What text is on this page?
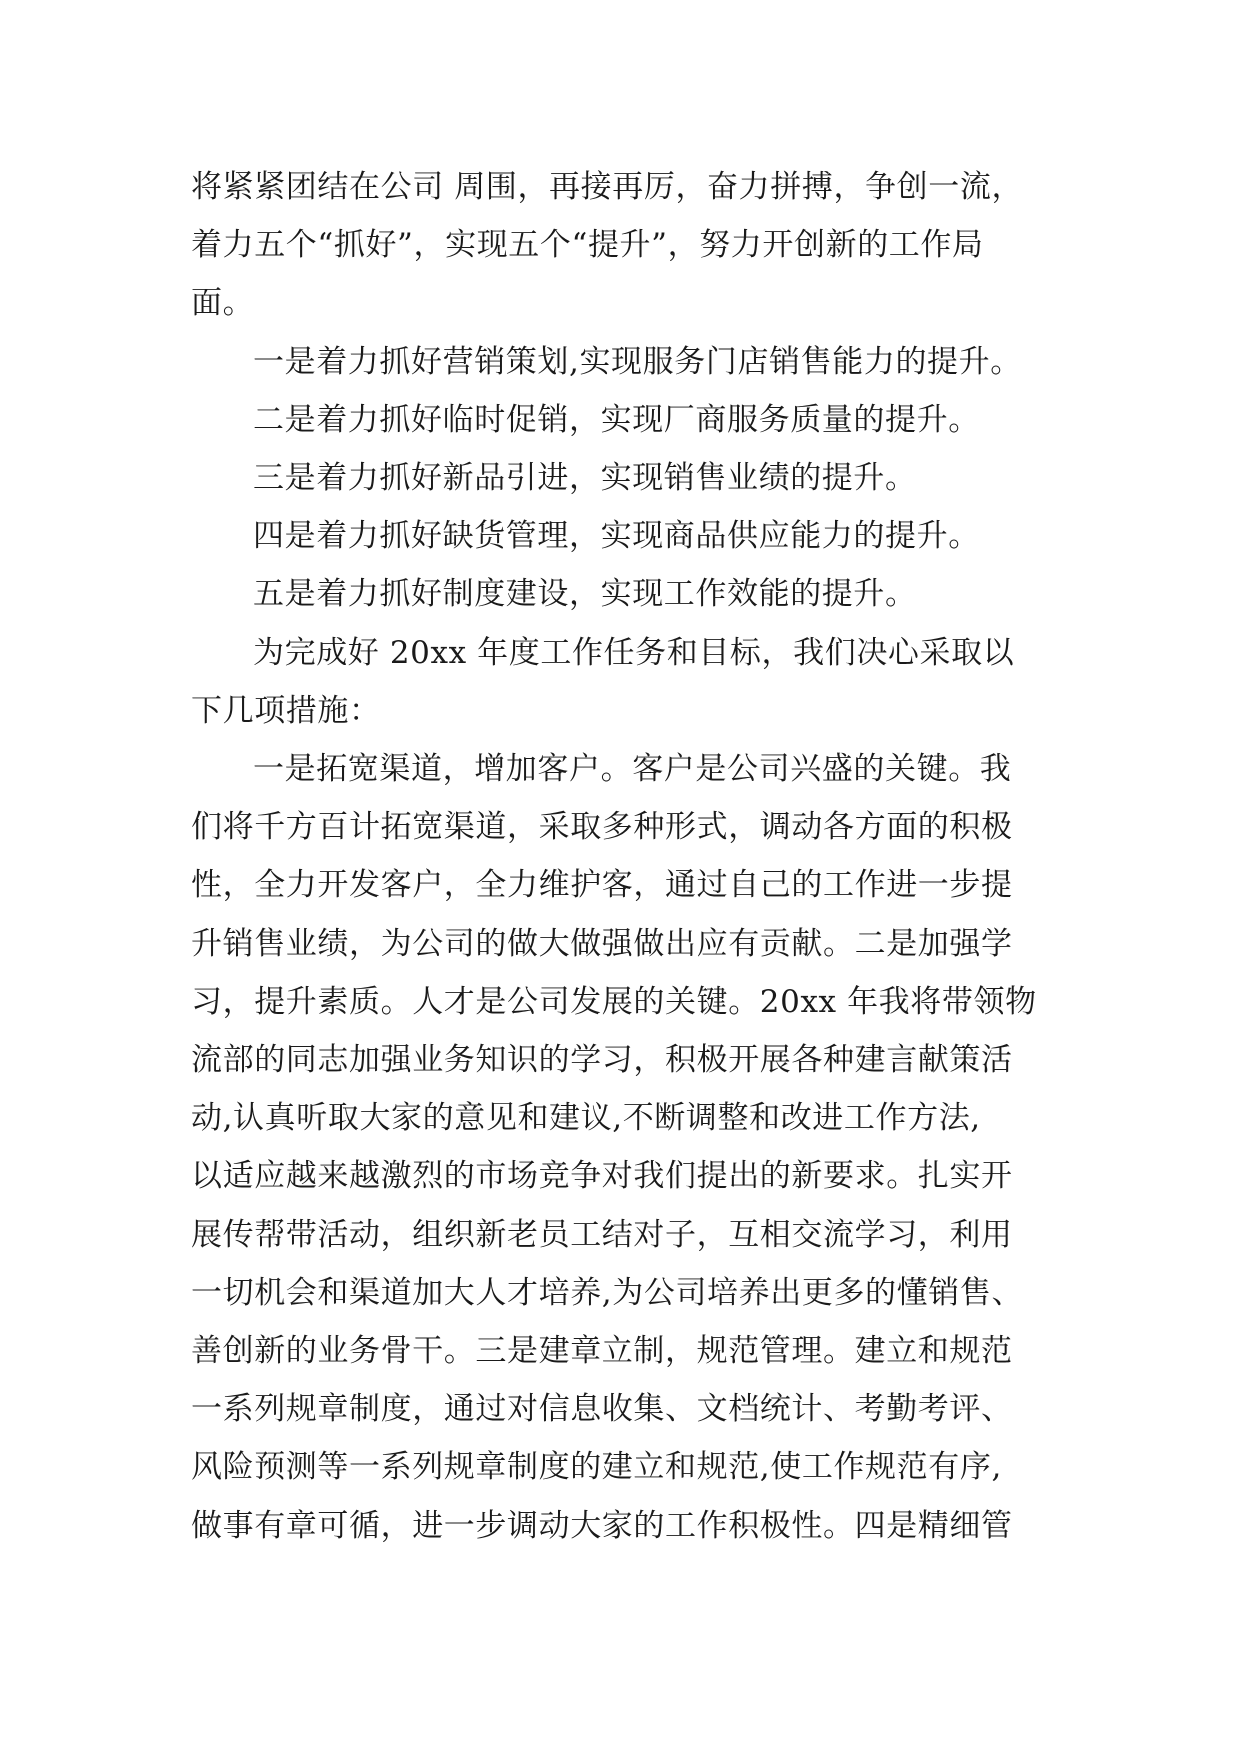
将紧紧团结在公司 周围，再接再厉，奋力拼搏，争创一流，
着力五个“抓好”，实现五个“提升”，努力开创新的工作局
面。

一是着力抓好营销策划,实现服务门店销售能力的提升。

二是着力抓好临时促销，实现厂商服务质量的提升。

三是着力抓好新品引进，实现销售业绩的提升。

四是着力抓好缺货管理，实现商品供应能力的提升。

五是着力抓好制度建设，实现工作效能的提升。

为完成好 20xx 年度工作任务和目标，我们决心采取以
下几项措施：

一是拓宽渠道，增加客户。客户是公司兴盛的关键。我
们将千方百计拓宽渠道，采取多种形式，调动各方面的积极
性，全力开发客户，全力维护客，通过自己的工作进一步提
升销售业绩，为公司的做大做强做出应有贡献。二是加强学
习，提升素质。人才是公司发展的关键。20xx 年我将带领物
流部的同志加强业务知识的学习，积极开展各种建言献策活
动,认真听取大家的意见和建议,不断调整和改进工作方法,
以适应越来越激烈的市场竞争对我们提出的新要求。扎实开
展传帮带活动，组织新老员工结对子，互相交流学习，利用
一切机会和渠道加大人才培养,为公司培养出更多的懂销售、
善创新的业务骨干。三是建章立制，规范管理。建立和规范
一系列规章制度，通过对信息收集、文档统计、考勤考评、
风险预测等一系列规章制度的建立和规范,使工作规范有序,
做事有章可循，进一步调动大家的工作积极性。四是精细管
